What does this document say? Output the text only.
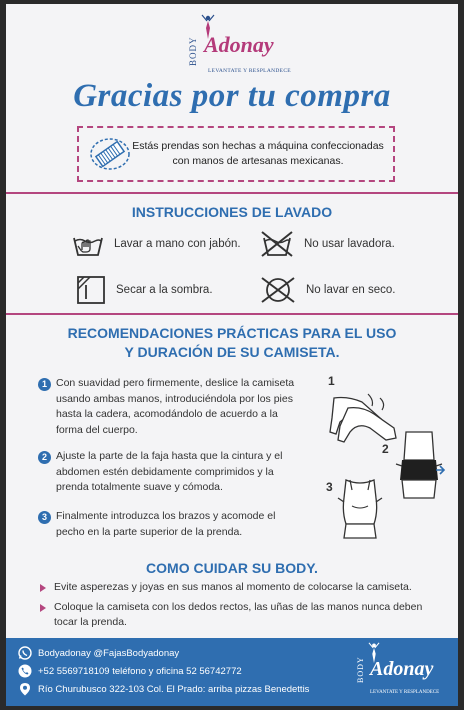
BODY Adonay
LEVANTATE Y RESPLANDECE
Gracias por tu compra
Estás prendas son hechas a máquina confeccionadas
con manos de artesanas mexicanas.
INSTRUCCIONES DE LAVADO
Lavar a mano con jabón.	No usar lavadora.
Secar a la sombra.	No lavar en seco.
RECOMENDACIONES PRÁCTICAS PARA EL USO
Y DURACIÓN DE SU CAMISETA.
1 Con suavidad pero firmemente, deslice la camiseta usando ambas manos, introduciéndola por los pies hasta la cadera, acomodándolo de acuerdo a la forma del cuerpo.
2 Ajuste la parte de la faja hasta que la cintura y el abdomen estén debidamente comprimidos y la prenda totalmente suave y cómoda.
3 Finalmente introduzca los brazos y acomode el pecho en la parte superior de la prenda.
1
2
3
COMO CUIDAR SU BODY.
Evite asperezas y joyas en sus manos al momento de colocarse la camiseta.
Coloque la camiseta con los dedos rectos, las uñas de las manos nunca deben tocar la prenda.
Bodyadonay @FajasBodyadonay
+52 5569718109 teléfono y oficina 52 56742772
Río Churubusco 322-103 Col. El Prado: arriba pizzas Benedettis
BODY Adonay
LEVANTATE Y RESPLANDECE
